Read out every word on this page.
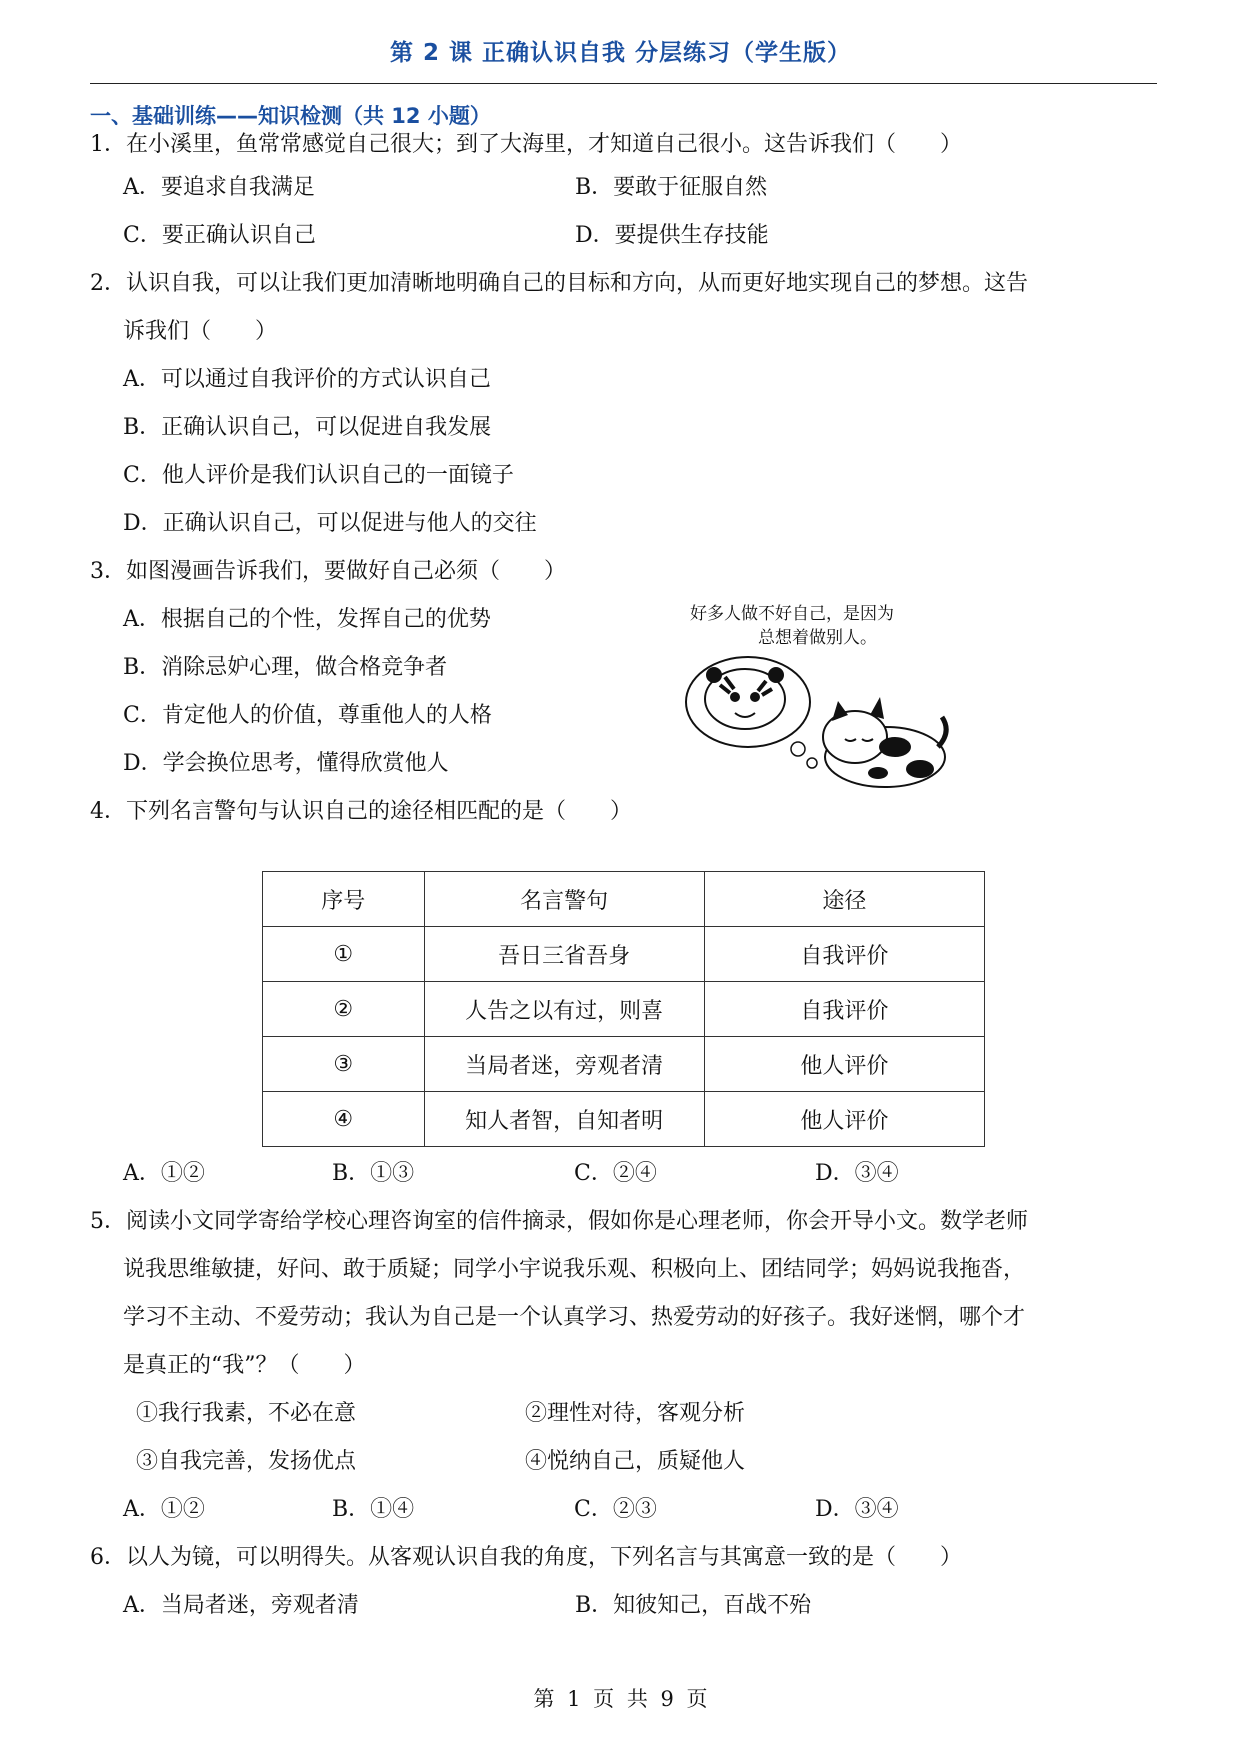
第 2 课 正确认识自我 分层练习（学生版）
一、基础训练——知识检测（共 12 小题）
1．在小溪里，鱼常常感觉自己很大；到了大海里，才知道自己很小。这告诉我们（　　）
A．要追求自我满足	B．要敢于征服自然
C．要正确认识自己	D．要提供生存技能
2．认识自我，可以让我们更加清晰地明确自己的目标和方向，从而更好地实现自己的梦想。这告
诉我们（　　）
A．可以通过自我评价的方式认识自己
B．正确认识自己，可以促进自我发展
C．他人评价是我们认识自己的一面镜子
D．正确认识自己，可以促进与他人的交往
3．如图漫画告诉我们，要做好自己必须（　　）
A．根据自己的个性，发挥自己的优势
B．消除忌妒心理，做合格竞争者
C．肯定他人的价值，尊重他人的人格
D．学会换位思考，懂得欣赏他人
好多人做不好自己，是因为
总想着做别人。
4．下列名言警句与认识自己的途径相匹配的是（　　）
序号	名言警句	途径
①	吾日三省吾身	自我评价
②	人告之以有过，则喜	自我评价
③	当局者迷，旁观者清	他人评价
④	知人者智，自知者明	他人评价
A．①②	B．①③	C．②④	D．③④
5．阅读小文同学寄给学校心理咨询室的信件摘录，假如你是心理老师，你会开导小文。数学老师
说我思维敏捷，好问、敢于质疑；同学小宇说我乐观、积极向上、团结同学；妈妈说我拖沓，
学习不主动、不爱劳动；我认为自己是一个认真学习、热爱劳动的好孩子。我好迷惘，哪个才
是真正的“我”？（　　）
①我行我素，不必在意	②理性对待，客观分析
③自我完善，发扬优点	④悦纳自己，质疑他人
A．①②	B．①④	C．②③	D．③④
6．以人为镜，可以明得失。从客观认识自我的角度，下列名言与其寓意一致的是（　　）
A．当局者迷，旁观者清	B．知彼知己，百战不殆
第 1 页 共 9 页
